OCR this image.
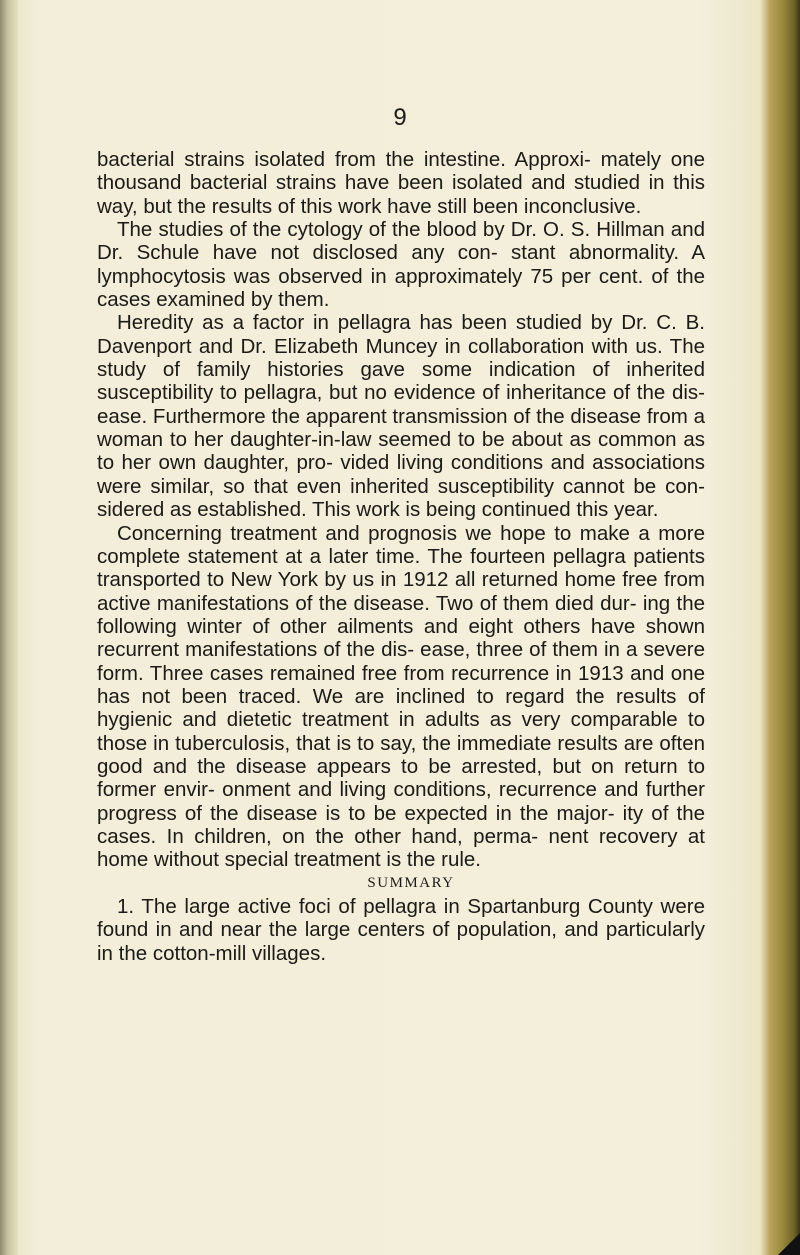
9

bacterial strains isolated from the intestine. Approxi- mately one thousand bacterial strains have been isolated and studied in this way, but the results of this work have still been inconclusive.

The studies of the cytology of the blood by Dr. O. S. Hillman and Dr. Schule have not disclosed any con- stant abnormality. A lymphocytosis was observed in approximately 75 per cent. of the cases examined by them.

Heredity as a factor in pellagra has been studied by Dr. C. B. Davenport and Dr. Elizabeth Muncey in collaboration with us. The study of family histories gave some indication of inherited susceptibility to pellagra, but no evidence of inheritance of the dis- ease. Furthermore the apparent transmission of the disease from a woman to her daughter-in-law seemed to be about as common as to her own daughter, pro- vided living conditions and associations were similar, so that even inherited susceptibility cannot be con- sidered as established. This work is being continued this year.

Concerning treatment and prognosis we hope to make a more complete statement at a later time. The fourteen pellagra patients transported to New York by us in 1912 all returned home free from active manifestations of the disease. Two of them died dur- ing the following winter of other ailments and eight others have shown recurrent manifestations of the dis- ease, three of them in a severe form. Three cases remained free from recurrence in 1913 and one has not been traced. We are inclined to regard the results of hygienic and dietetic treatment in adults as very comparable to those in tuberculosis, that is to say, the immediate results are often good and the disease appears to be arrested, but on return to former envir- onment and living conditions, recurrence and further progress of the disease is to be expected in the major- ity of the cases. In children, on the other hand, perma- nent recovery at home without special treatment is the rule.

SUMMARY

1. The large active foci of pellagra in Spartanburg County were found in and near the large centers of population, and particularly in the cotton-mill villages.
